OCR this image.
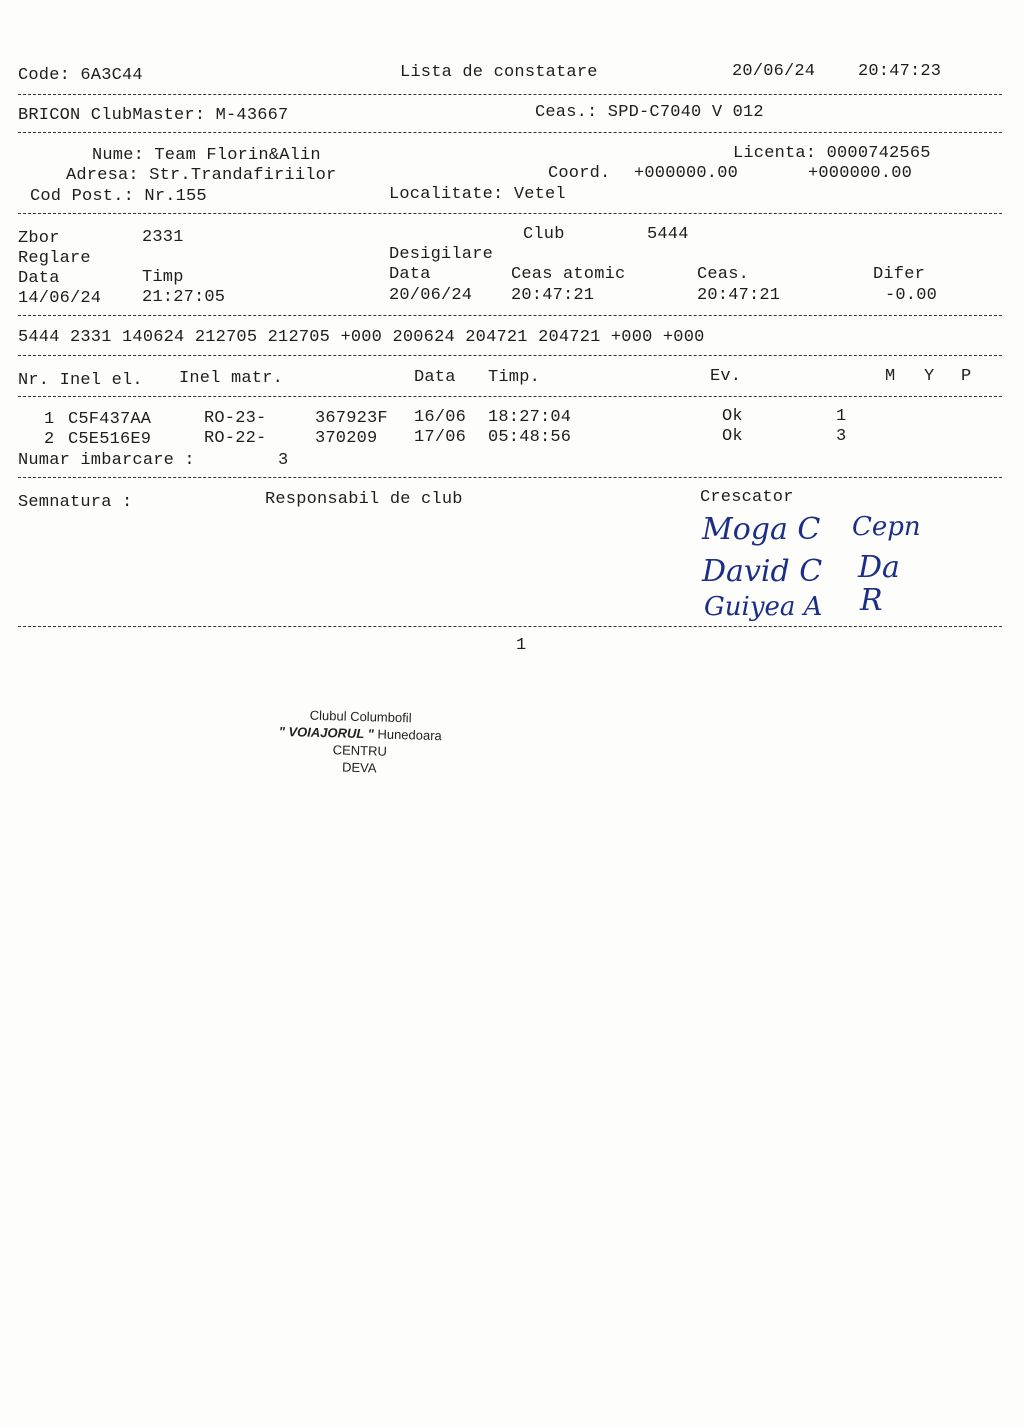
Code: 6A3C44	Lista de constatare	20/06/24	20:47:23
BRICON ClubMaster: M-43667	Ceas.: SPD-C7040 V 012
Nume: Team Florin&Alin	Licenta: 0000742565
Adresa: Str.Trandafiriilor	Coord. +000000.00	+000000.00
Cod Post.: Nr.155	Localitate: Vetel
Zbor	2331	Club	5444
Reglare	Desigilare
Data	Timp	Data	Ceas atomic	Ceas.	Difer
14/06/24 21:27:05	20/06/24 20:47:21	20:47:21	-0.00
5444 2331 140624 212705 212705 +000 200624 204721 204721 +000 +000
Nr. Inel el. Inel matr.	Data Timp.	Ev.	M Y P
1 C5F437AA	RO-23-	367923F 16/06 18:27:04	Ok	1
2 C5E516E9	RO-22-	370209 17/06 05:48:56	Ok	3
Numar imbarcare :	3
Semnatura :	Responsabil de club	Crescator
Moga C Cepn
David C Da
Guiyea A R
1
Clubul Columbofil
" VOIAJORUL " Hunedoara
CENTRU
DEVA
